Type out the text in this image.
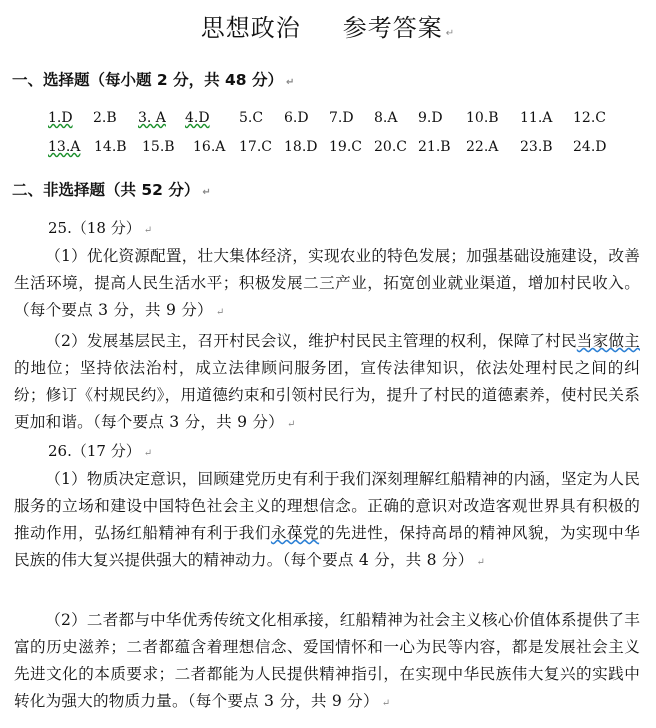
思想政治 参考答案 ↵
一、选择题（每小题 2 分，共 48 分） ↵
1.D 2.B 3. A 4.D 5.C 6.D 7.D 8.A 9.D 10.B 11.A 12.C
13.A 14.B 15.B 16.A 17.C 18.D 19.C 20.C 21.B 22.A 23.B 24.D
二、非选择题（共 52 分） ↵
25.（18 分） ↵
（1）优化资源配置，壮大集体经济，实现农业的特色发展；加强基础设施建设，改善生活环境，提高人民生活水平；积极发展二三产业，拓宽创业就业渠道，增加村民收入。（每个要点 3 分，共 9 分） ↵
（2）发展基层民主，召开村民会议，维护村民民主管理的权利，保障了村民当家做主的地位；坚持依法治村，成立法律顾问服务团，宣传法律知识，依法处理村民之间的纠纷；修订《村规民约》，用道德约束和引领村民行为，提升了村民的道德素养，使村民关系更加和谐。（每个要点 3 分，共 9 分） ↵
26.（17 分） ↵
（1）物质决定意识，回顾建党历史有利于我们深刻理解红船精神的内涵，坚定为人民服务的立场和建设中国特色社会主义的理想信念。正确的意识对改造客观世界具有积极的推动作用，弘扬红船精神有利于我们永葆党的先进性，保持高昂的精神风貌，为实现中华民族的伟大复兴提供强大的精神动力。（每个要点 4 分，共 8 分） ↵
（2）二者都与中华优秀传统文化相承接，红船精神为社会主义核心价值体系提供了丰富的历史滋养；二者都蕴含着理想信念、爱国情怀和一心为民等内容，都是发展社会主义先进文化的本质要求；二者都能为人民提供精神指引，在实现中华民族伟大复兴的实践中转化为强大的物质力量。（每个要点 3 分，共 9 分） ↵
